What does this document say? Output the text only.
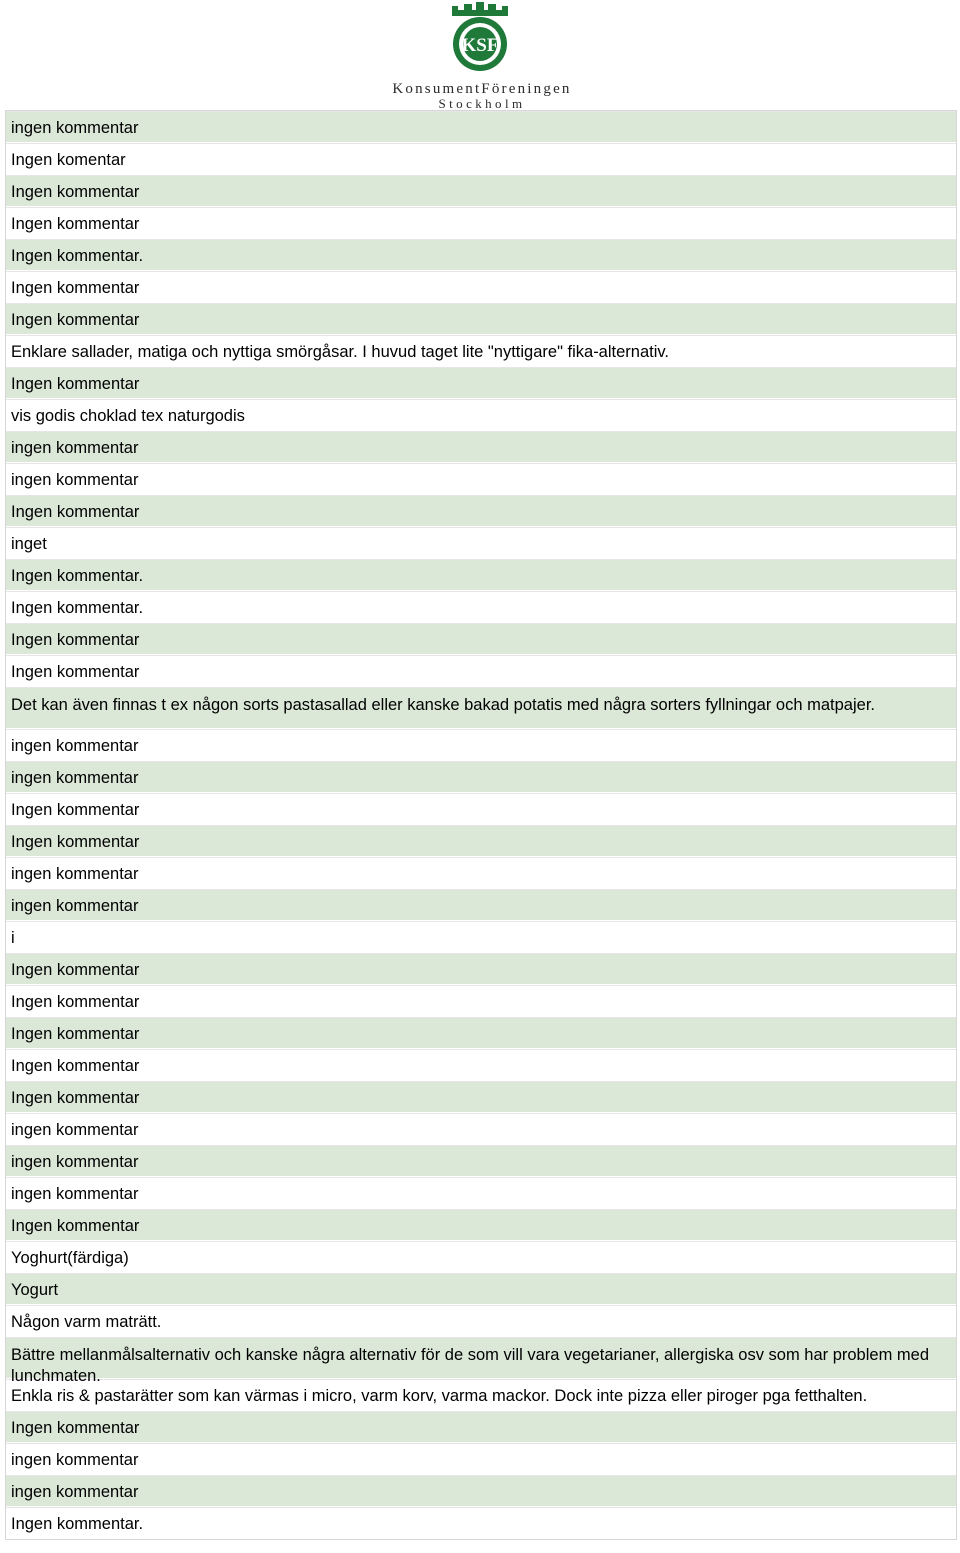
KSF
KonsumentFöreningen
Stockholm
ingen kommentar
Ingen komentar
Ingen kommentar
Ingen kommentar
Ingen kommentar.
Ingen kommentar
Ingen kommentar
Enklare sallader, matiga och nyttiga smörgåsar. I huvud taget lite "nyttigare" fika-alternativ.
Ingen kommentar
vis godis choklad tex naturgodis
ingen kommentar
ingen kommentar
Ingen kommentar
inget
Ingen kommentar.
Ingen kommentar.
Ingen kommentar
Ingen kommentar
Det kan även finnas t ex någon sorts pastasallad eller kanske bakad potatis med några sorters fyllningar och matpajer.
ingen kommentar
ingen kommentar
Ingen kommentar
Ingen kommentar
ingen kommentar
ingen kommentar
i
Ingen kommentar
Ingen kommentar
Ingen kommentar
Ingen kommentar
Ingen kommentar
ingen kommentar
ingen kommentar
ingen kommentar
Ingen kommentar
Yoghurt(färdiga)
Yogurt
Någon varm maträtt.
Bättre mellanmålsalternativ och kanske några alternativ för de som vill vara vegetarianer, allergiska osv som har problem med lunchmaten.
Enkla ris & pastarätter som kan värmas i micro, varm korv, varma mackor. Dock inte pizza eller piroger pga fetthalten.
Ingen kommentar
ingen kommentar
ingen kommentar
Ingen kommentar.
